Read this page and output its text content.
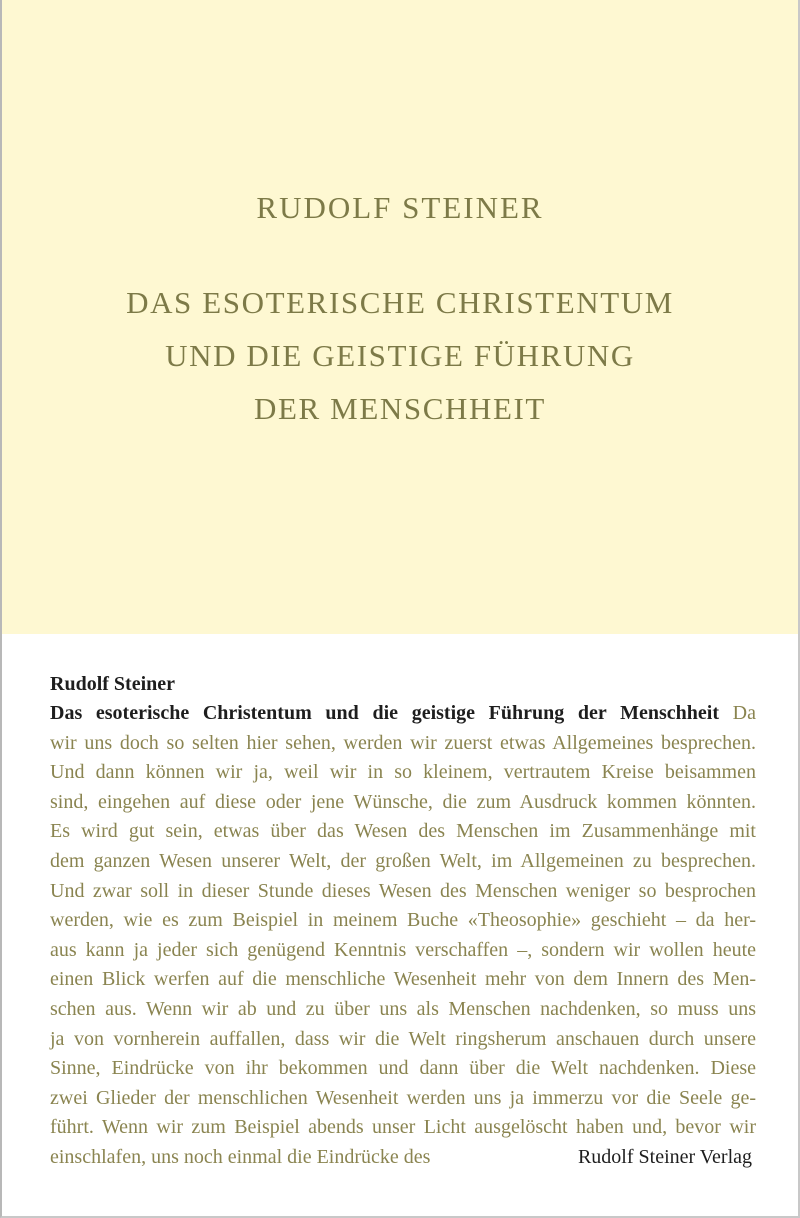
RUDOLF STEINER
DAS ESOTERISCHE CHRISTENTUM
UND DIE GEISTIGE FÜHRUNG
DER MENSCHHEIT
Rudolf Steiner
Das esoterische Christentum und die geistige Führung der Menschheit Da
wir uns doch so selten hier sehen, werden wir zuerst etwas Allgemeines besprechen.
Und dann können wir ja, weil wir in so kleinem, vertrautem Kreise beisammen
sind, eingehen auf diese oder jene Wünsche, die zum Ausdruck kommen könnten.
Es wird gut sein, etwas über das Wesen des Menschen im Zusammenhänge mit
dem ganzen Wesen unserer Welt, der großen Welt, im Allgemeinen zu besprechen.
Und zwar soll in dieser Stunde dieses Wesen des Menschen weniger so besprochen
werden, wie es zum Beispiel in meinem Buche «Theosophie» geschieht – da her-
aus kann ja jeder sich genügend Kenntnis verschaffen –, sondern wir wollen heute
einen Blick werfen auf die menschliche Wesenheit mehr von dem Innern des Men-
schen aus. Wenn wir ab und zu über uns als Menschen nachdenken, so muss uns
ja von vornherein auffallen, dass wir die Welt ringsherum anschauen durch unsere
Sinne, Eindrücke von ihr bekommen und dann über die Welt nachdenken. Diese
zwei Glieder der menschlichen Wesenheit werden uns ja immerzu vor die Seele ge-
führt. Wenn wir zum Beispiel abends unser Licht ausgelöscht haben und, bevor wir
einschlafen, uns noch einmal die Eindrücke des	Rudolf Steiner Verlag
